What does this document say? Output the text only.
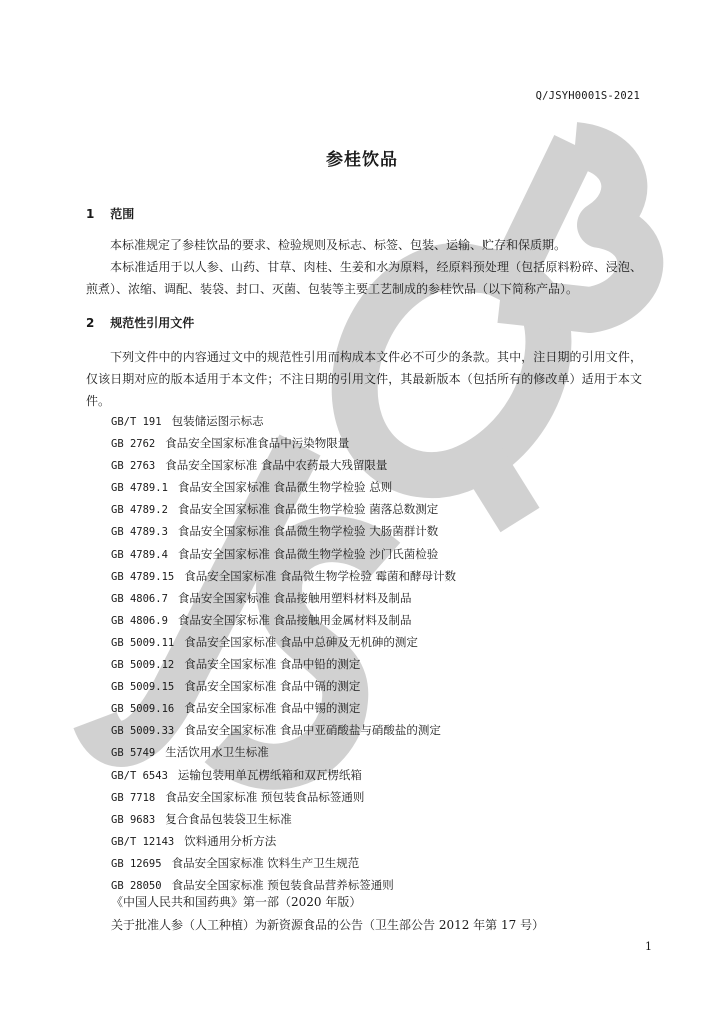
Q/JSYH0001S-2021
参桂饮品
1 范围
本标准规定了参桂饮品的要求、检验规则及标志、标签、包装、运输、贮存和保质期。
本标准适用于以人参、山药、甘草、肉桂、生姜和水为原料，经原料预处理（包括原料粉碎、浸泡、煎煮）、浓缩、调配、装袋、封口、灭菌、包装等主要工艺制成的参桂饮品（以下简称产品）。
2 规范性引用文件
下列文件中的内容通过文中的规范性引用而构成本文件必不可少的条款。其中，注日期的引用文件，仅该日期对应的版本适用于本文件；不注日期的引用文件，其最新版本（包括所有的修改单）适用于本文件。
GB/T 191 包装储运图示标志
GB 2762 食品安全国家标准食品中污染物限量
GB 2763 食品安全国家标准 食品中农药最大残留限量
GB 4789.1 食品安全国家标准 食品微生物学检验 总则
GB 4789.2 食品安全国家标准 食品微生物学检验 菌落总数测定
GB 4789.3 食品安全国家标准 食品微生物学检验 大肠菌群计数
GB 4789.4 食品安全国家标准 食品微生物学检验 沙门氏菌检验
GB 4789.15 食品安全国家标准 食品微生物学检验 霉菌和酵母计数
GB 4806.7 食品安全国家标准 食品接触用塑料材料及制品
GB 4806.9 食品安全国家标准 食品接触用金属材料及制品
GB 5009.11 食品安全国家标准 食品中总砷及无机砷的测定
GB 5009.12 食品安全国家标准 食品中铅的测定
GB 5009.15 食品安全国家标准 食品中镉的测定
GB 5009.16 食品安全国家标准 食品中锡的测定
GB 5009.33 食品安全国家标准 食品中亚硝酸盐与硝酸盐的测定
GB 5749 生活饮用水卫生标准
GB/T 6543 运输包装用单瓦楞纸箱和双瓦楞纸箱
GB 7718 食品安全国家标准 预包装食品标签通则
GB 9683 复合食品包装袋卫生标准
GB/T 12143 饮料通用分析方法
GB 12695 食品安全国家标准 饮料生产卫生规范
GB 28050 食品安全国家标准 预包装食品营养标签通则
《中国人民共和国药典》第一部（2020 年版）
关于批准人参（人工种植）为新资源食品的公告（卫生部公告 2012 年第 17 号）
1
